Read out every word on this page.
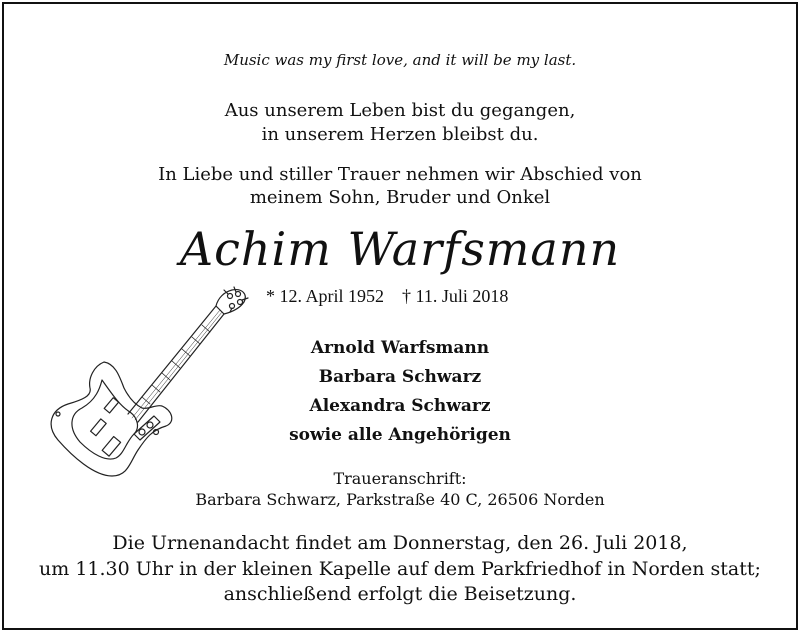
Music was my first love, and it will be my last.
Aus unserem Leben bist du gegangen,
in unserem Herzen bleibst du.
In Liebe und stiller Trauer nehmen wir Abschied von
meinem Sohn, Bruder und Onkel
Achim Warfsmann
* 12. April 1952 † 11. Juli 2018
Arnold Warfsmann
Barbara Schwarz
Alexandra Schwarz
sowie alle Angehörigen
Traueranschrift:
Barbara Schwarz, Parkstraße 40 C, 26506 Norden
Die Urnenandacht findet am Donnerstag, den 26. Juli 2018,
um 11.30 Uhr in der kleinen Kapelle auf dem Parkfriedhof in Norden statt;
anschließend erfolgt die Beisetzung.
